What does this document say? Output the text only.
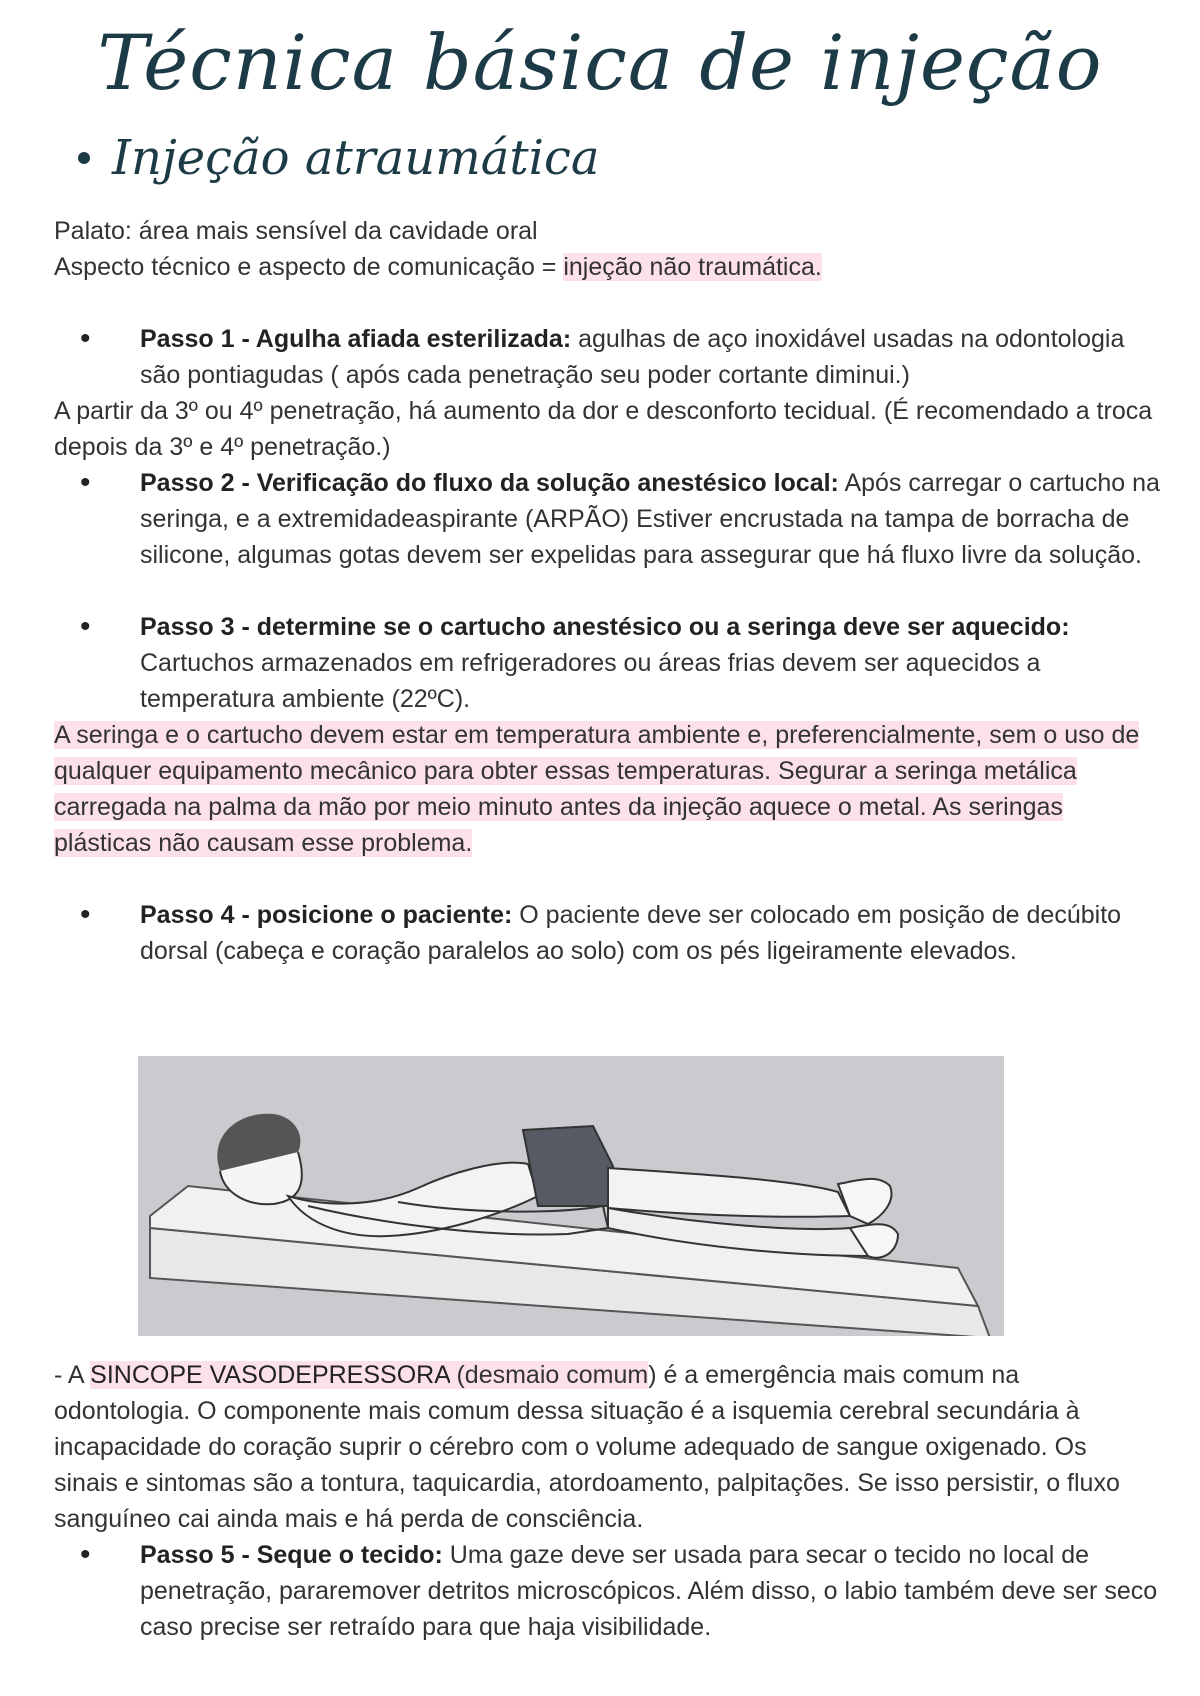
Técnica básica de injeção
Injeção atraumática

Palato: área mais sensível da cavidade oral

Aspecto técnico e aspecto de comunicação = injeção não traumática.

• Passo 1 - Agulha afiada esterilizada: agulhas de aço inoxidável usadas na odontologia são pontiagudas ( após cada penetração seu poder cortante diminui.)
A partir da 3º ou 4º penetração, há aumento da dor e desconforto tecidual. (É recomendado a troca depois da 3º e 4º penetração.)
• Passo 2 - Verificação do fluxo da solução anestésico local: Após carregar o cartucho na seringa, e a extremidadeaspirante (ARPÃO) Estiver encrustada na tampa de borracha de silicone, algumas gotas devem ser expelidas para assegurar que há fluxo livre da solução.
• Passo 3 - determine se o cartucho anestésico ou a seringa deve ser aquecido: Cartuchos armazenados em refrigeradores ou áreas frias devem ser aquecidos a temperatura ambiente (22ºC).
A seringa e o cartucho devem estar em temperatura ambiente e, preferencialmente, sem o uso de qualquer equipamento mecânico para obter essas temperaturas. Segurar a seringa metálica carregada na palma da mão por meio minuto antes da injeção aquece o metal. As seringas plásticas não causam esse problema.
• Passo 4 - posicione o paciente: O paciente deve ser colocado em posição de decúbito dorsal (cabeça e coração paralelos ao solo) com os pés ligeiramente elevados.
- A SINCOPE VASODEPRESSORA (desmaio comum) é a emergência mais comum na odontologia. O componente mais comum dessa situação é a isquemia cerebral secundária à incapacidade do coração suprir o cérebro com o volume adequado de sangue oxigenado. Os sinais e sintomas são a tontura, taquicardia, atordoamento, palpitações. Se isso persistir, o fluxo sanguíneo cai ainda mais e há perda de consciência.
• Passo 5 - Seque o tecido: Uma gaze deve ser usada para secar o tecido no local de penetração, pararemover detritos microscópicos. Além disso, o labio também deve ser seco caso precise ser retraído para que haja visibilidade.
